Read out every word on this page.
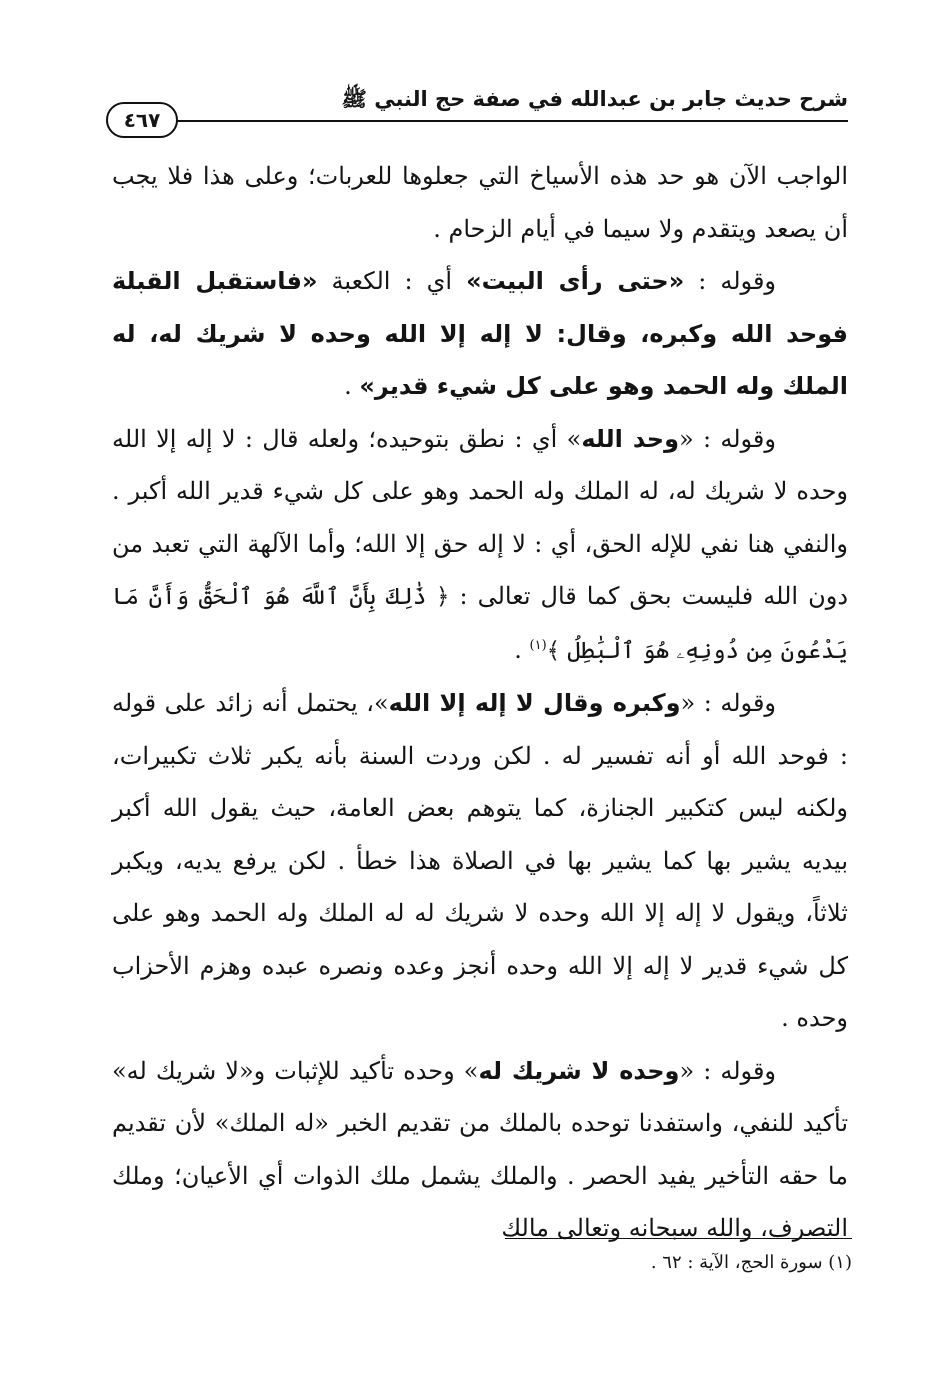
شرح حديث جابر بن عبدالله في صفة حج النبي ﷺ
٤٦٧

الواجب الآن هو حد هذه الأسياخ التي جعلوها للعربات؛ وعلى هذا فلا يجب أن يصعد ويتقدم ولا سيما في أيام الزحام .

وقوله : «حتى رأى البيت» أي : الكعبة «فاستقبل القبلة فوحد الله وكبره، وقال: لا إله إلا الله وحده لا شريك له، له الملك وله الحمد وهو على كل شيء قدير» .

وقوله : «وحد الله» أي : نطق بتوحيده؛ ولعله قال : لا إله إلا الله وحده لا شريك له، له الملك وله الحمد وهو على كل شيء قدير الله أكبر . والنفي هنا نفي للإله الحق، أي : لا إله حق إلا الله؛ وأما الآلهة التي تعبد من دون الله فليست بحق كما قال تعالى : ﴿ ذَٰلِكَ بِأَنَّ ٱللَّهَ هُوَ ٱلْحَقُّ وَأَنَّ مَا يَدْعُونَ مِن دُونِهِۦ هُوَ ٱلْبَٰطِلُ ﴾$^{(١)}$ .

وقوله : «وكبره وقال لا إله إلا الله»، يحتمل أنه زائد على قوله : فوحد الله أو أنه تفسير له . لكن وردت السنة بأنه يكبر ثلاث تكبيرات، ولكنه ليس كتكبير الجنازة، كما يتوهم بعض العامة، حيث يقول الله أكبر بيديه يشير بها كما يشير بها في الصلاة هذا خطأ . لكن يرفع يديه، ويكبر ثلاثاً، ويقول لا إله إلا الله وحده لا شريك له له الملك وله الحمد وهو على كل شيء قدير لا إله إلا الله وحده أنجز وعده ونصره عبده وهزم الأحزاب وحده .

وقوله : «وحده لا شريك له» وحده تأكيد للإثبات و«لا شريك له» تأكيد للنفي، واستفدنا توحده بالملك من تقديم الخبر «له الملك» لأن تقديم ما حقه التأخير يفيد الحصر . والملك يشمل ملك الذوات أي الأعيان؛ وملك التصرف، والله سبحانه وتعالى مالك

(١) سورة الحج، الآية : ٦٢ .
